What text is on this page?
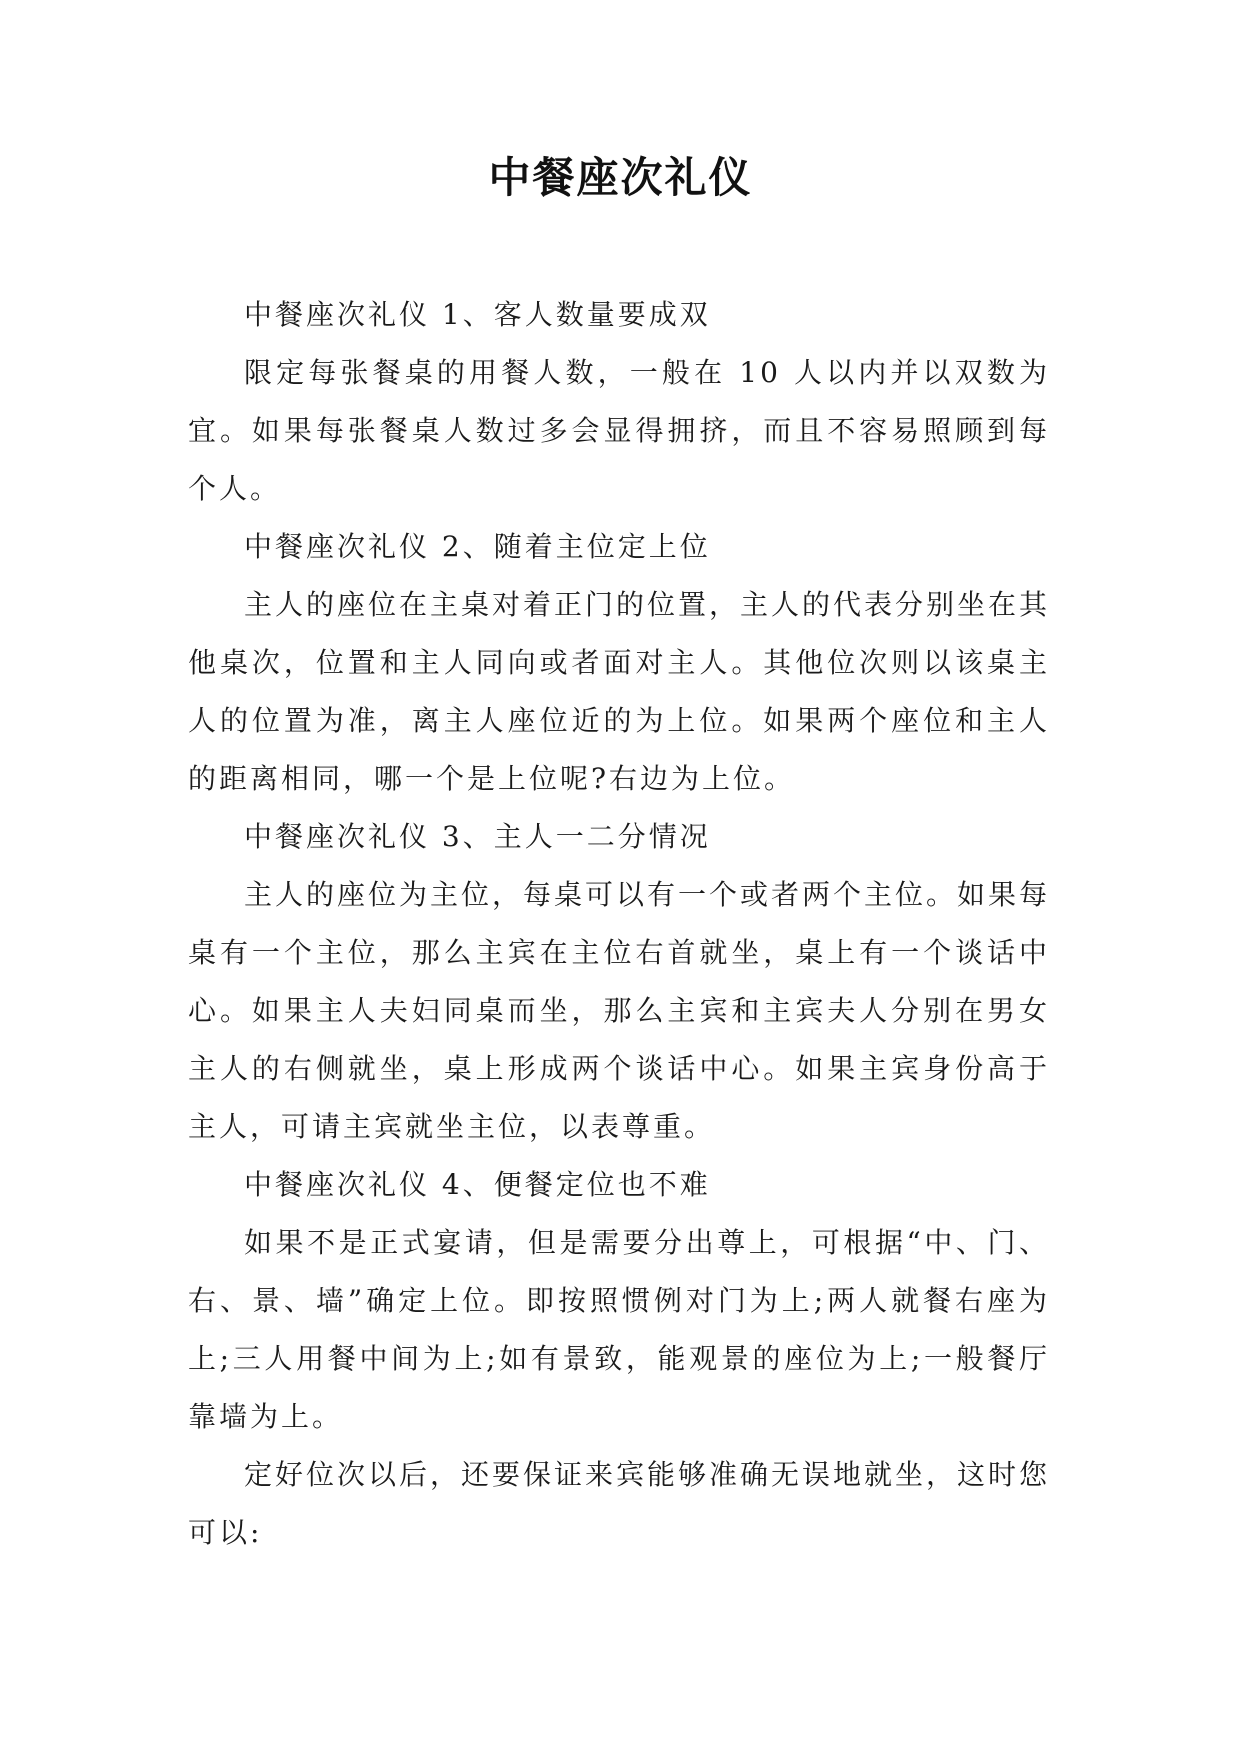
中餐座次礼仪

中餐座次礼仪 1、客人数量要成双

限定每张餐桌的用餐人数，一般在 10 人以内并以双数为宜。如果每张餐桌人数过多会显得拥挤，而且不容易照顾到每个人。

中餐座次礼仪 2、随着主位定上位

主人的座位在主桌对着正门的位置，主人的代表分别坐在其他桌次，位置和主人同向或者面对主人。其他位次则以该桌主人的位置为准，离主人座位近的为上位。如果两个座位和主人的距离相同，哪一个是上位呢?右边为上位。

中餐座次礼仪 3、主人一二分情况

主人的座位为主位，每桌可以有一个或者两个主位。如果每桌有一个主位，那么主宾在主位右首就坐，桌上有一个谈话中心。如果主人夫妇同桌而坐，那么主宾和主宾夫人分别在男女主人的右侧就坐，桌上形成两个谈话中心。如果主宾身份高于主人，可请主宾就坐主位，以表尊重。

中餐座次礼仪 4、便餐定位也不难

如果不是正式宴请，但是需要分出尊上，可根据“中、门、右、景、墙”确定上位。即按照惯例对门为上;两人就餐右座为上;三人用餐中间为上;如有景致，能观景的座位为上;一般餐厅靠墙为上。

定好位次以后，还要保证来宾能够准确无误地就坐，这时您可以:
